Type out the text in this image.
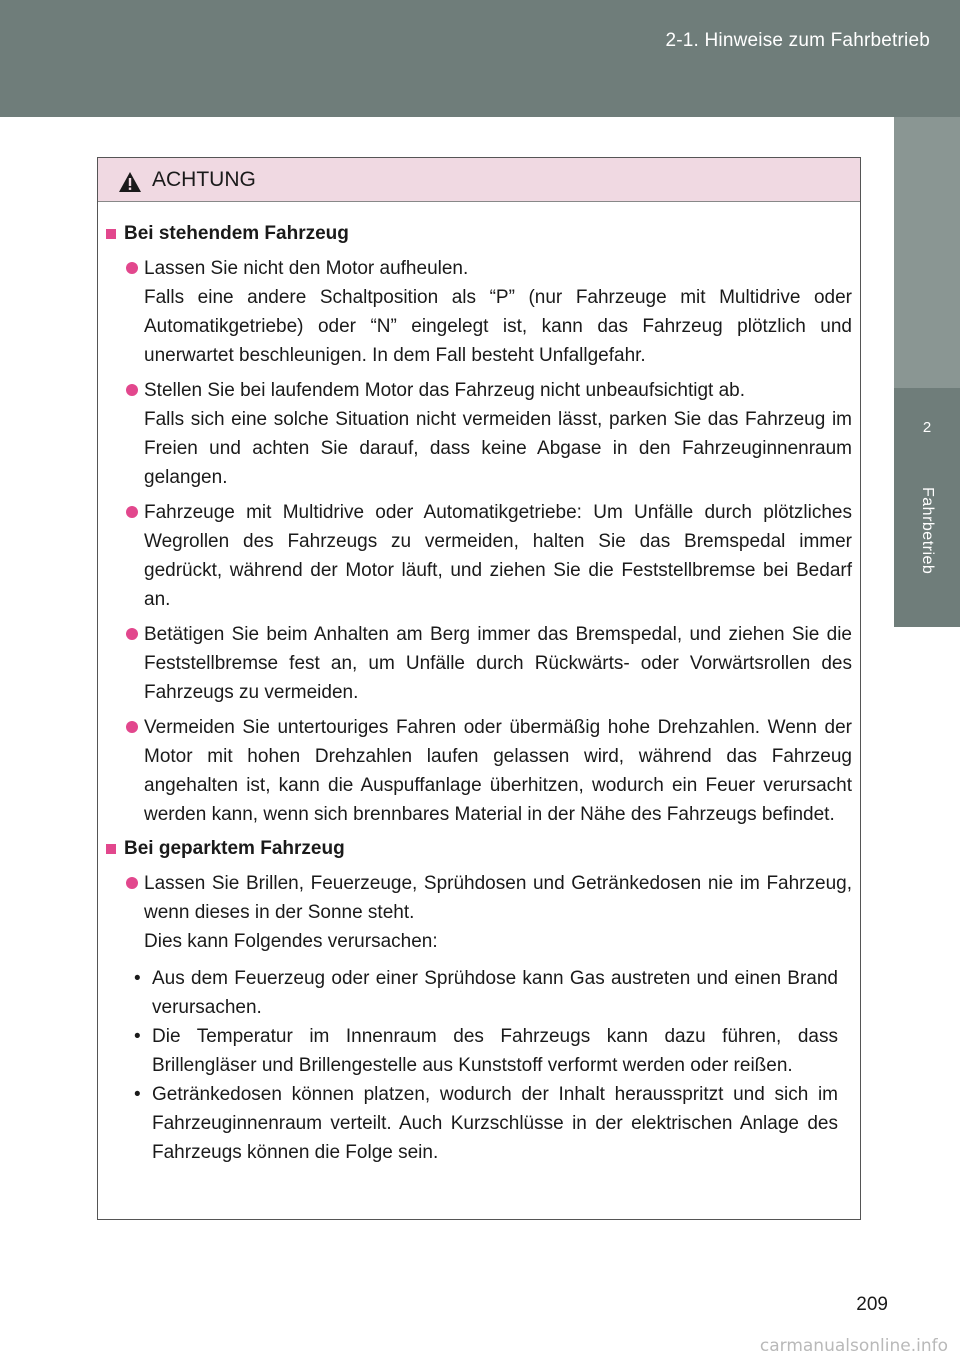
2-1. Hinweise zum Fahrbetrieb
2
Fahrbetrieb
ACHTUNG
Bei stehendem Fahrzeug

Lassen Sie nicht den Motor aufheulen.

Falls eine andere Schaltposition als “P” (nur Fahrzeuge mit Multidrive oder Automatikgetriebe) oder “N” eingelegt ist, kann das Fahrzeug plötzlich und unerwartet beschleunigen. In dem Fall besteht Unfallgefahr.

Stellen Sie bei laufendem Motor das Fahrzeug nicht unbeaufsichtigt ab.

Falls sich eine solche Situation nicht vermeiden lässt, parken Sie das Fahrzeug im Freien und achten Sie darauf, dass keine Abgase in den Fahrzeuginnenraum gelangen.

Fahrzeuge mit Multidrive oder Automatikgetriebe: Um Unfälle durch plötzliches Wegrollen des Fahrzeugs zu vermeiden, halten Sie das Bremspedal immer gedrückt, während der Motor läuft, und ziehen Sie die Feststellbremse bei Bedarf an.

Betätigen Sie beim Anhalten am Berg immer das Bremspedal, und ziehen Sie die Feststellbremse fest an, um Unfälle durch Rückwärts- oder Vorwärtsrollen des Fahrzeugs zu vermeiden.

Vermeiden Sie untertouriges Fahren oder übermäßig hohe Drehzahlen. Wenn der Motor mit hohen Drehzahlen laufen gelassen wird, während das Fahrzeug angehalten ist, kann die Auspuffanlage überhitzen, wodurch ein Feuer verursacht werden kann, wenn sich brennbares Material in der Nähe des Fahrzeugs befindet.

Bei geparktem Fahrzeug

Lassen Sie Brillen, Feuerzeuge, Sprühdosen und Getränkedosen nie im Fahrzeug, wenn dieses in der Sonne steht.

Dies kann Folgendes verursachen:

• Aus dem Feuerzeug oder einer Sprühdose kann Gas austreten und einen Brand verursachen.

• Die Temperatur im Innenraum des Fahrzeugs kann dazu führen, dass Brillengläser und Brillengestelle aus Kunststoff verformt werden oder reißen.

• Getränkedosen können platzen, wodurch der Inhalt herausspritzt und sich im Fahrzeuginnenraum verteilt. Auch Kurzschlüsse in der elektrischen Anlage des Fahrzeugs können die Folge sein.

209
carmanualsonline.info
